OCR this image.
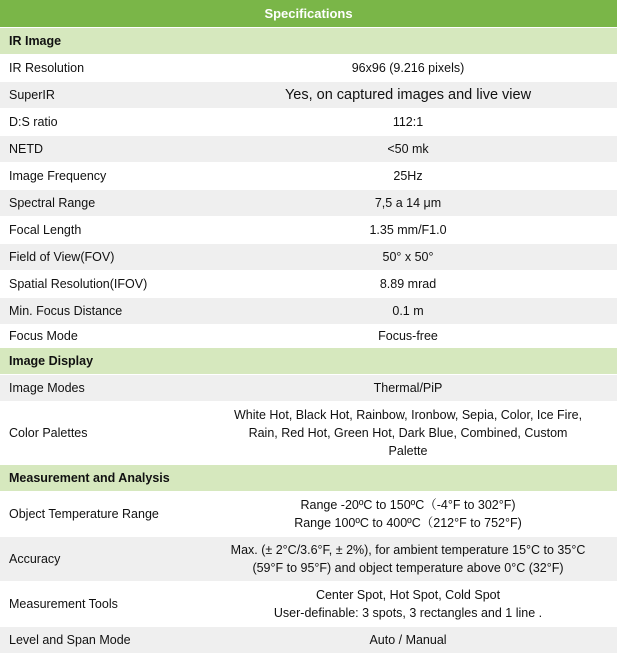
Specifications	
IR Image	
IR Resolution	96x96 (9.216 pixels)
SuperIR	Yes, on captured images and live view
D:S ratio	112:1
NETD	<50 mk
Image Frequency	25Hz
Spectral Range	7,5 a 14 μm
Focal Length	1.35 mm/F1.0
Field of View(FOV)	50° x 50°
Spatial Resolution(IFOV)	8.89 mrad
Min. Focus Distance	0.1 m
Focus Mode	Focus-free
Image Display	
Image Modes	Thermal/PiP
Color Palettes	White Hot, Black Hot, Rainbow, Ironbow, Sepia, Color, Ice Fire,
Rain, Red Hot, Green Hot, Dark Blue, Combined, Custom
Palette

Measurement and Analysis	
Object Temperature Range	Range -20ºC to 150ºC（-4°F to 302°F)
Range 100ºC to 400ºC（212°F to 752°F)

Accuracy	Max. (± 2°C/3.6°F, ± 2%), for ambient temperature 15°C to 35°C
(59°F to 95°F) and object temperature above 0°C (32°F)

Measurement Tools	Center Spot, Hot Spot, Cold Spot
User-definable: 3 spots, 3 rectangles and 1 line .

Level and Span Mode	Auto / Manual
